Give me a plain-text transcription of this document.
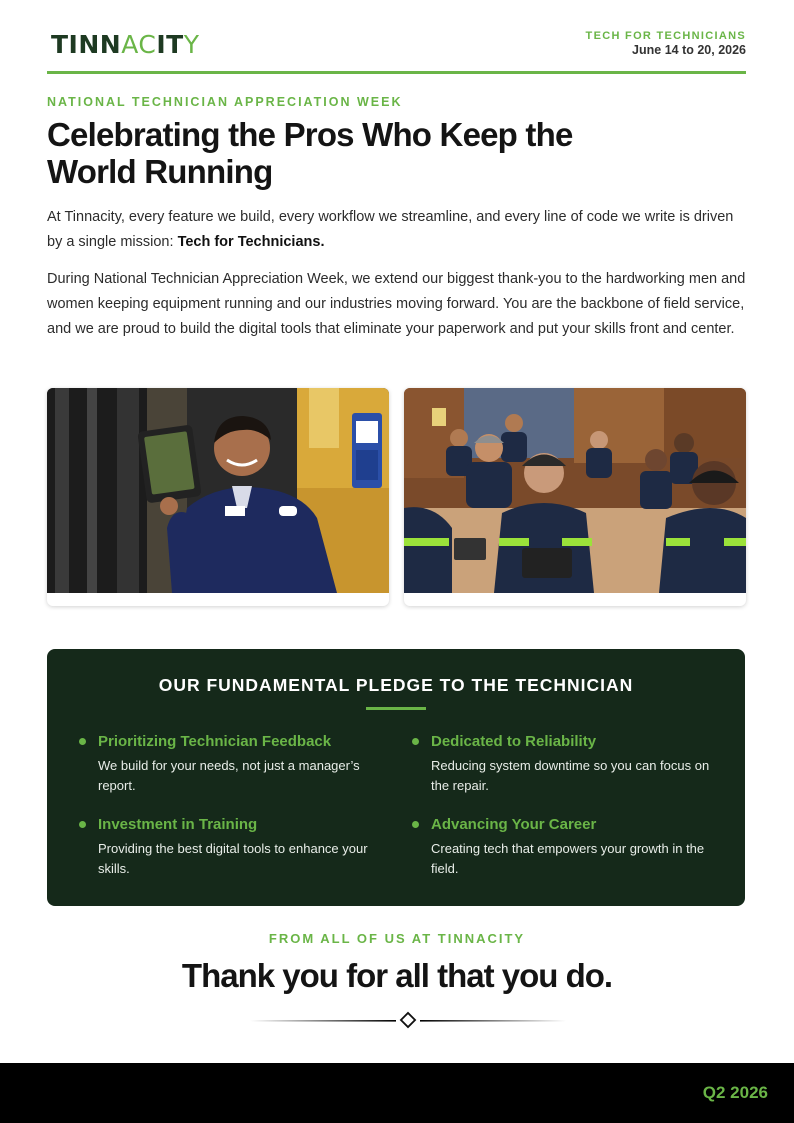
TINNACITY	TECH FOR TECHNICIANS
June 14 to 20, 2026
NATIONAL TECHNICIAN APPRECIATION WEEK
Celebrating the Pros Who Keep the World Running
At Tinnacity, every feature we build, every workflow we streamline, and every line of code we write is driven by a single mission: Tech for Technicians.
During National Technician Appreciation Week, we extend our biggest thank-you to the hardworking men and women keeping equipment running and our industries moving forward. You are the backbone of field service, and we are proud to build the digital tools that eliminate your paperwork and put your skills front and center.
OUR FUNDAMENTAL PLEDGE TO THE TECHNICIAN
Prioritizing Technician Feedback
We build for your needs, not just a manager’s report.
Dedicated to Reliability
Reducing system downtime so you can focus on the repair.
Investment in Training
Providing the best digital tools to enhance your skills.
Advancing Your Career
Creating tech that empowers your growth in the field.
FROM ALL OF US AT TINNACITY
Thank you for all that you do.
Q2 2026
